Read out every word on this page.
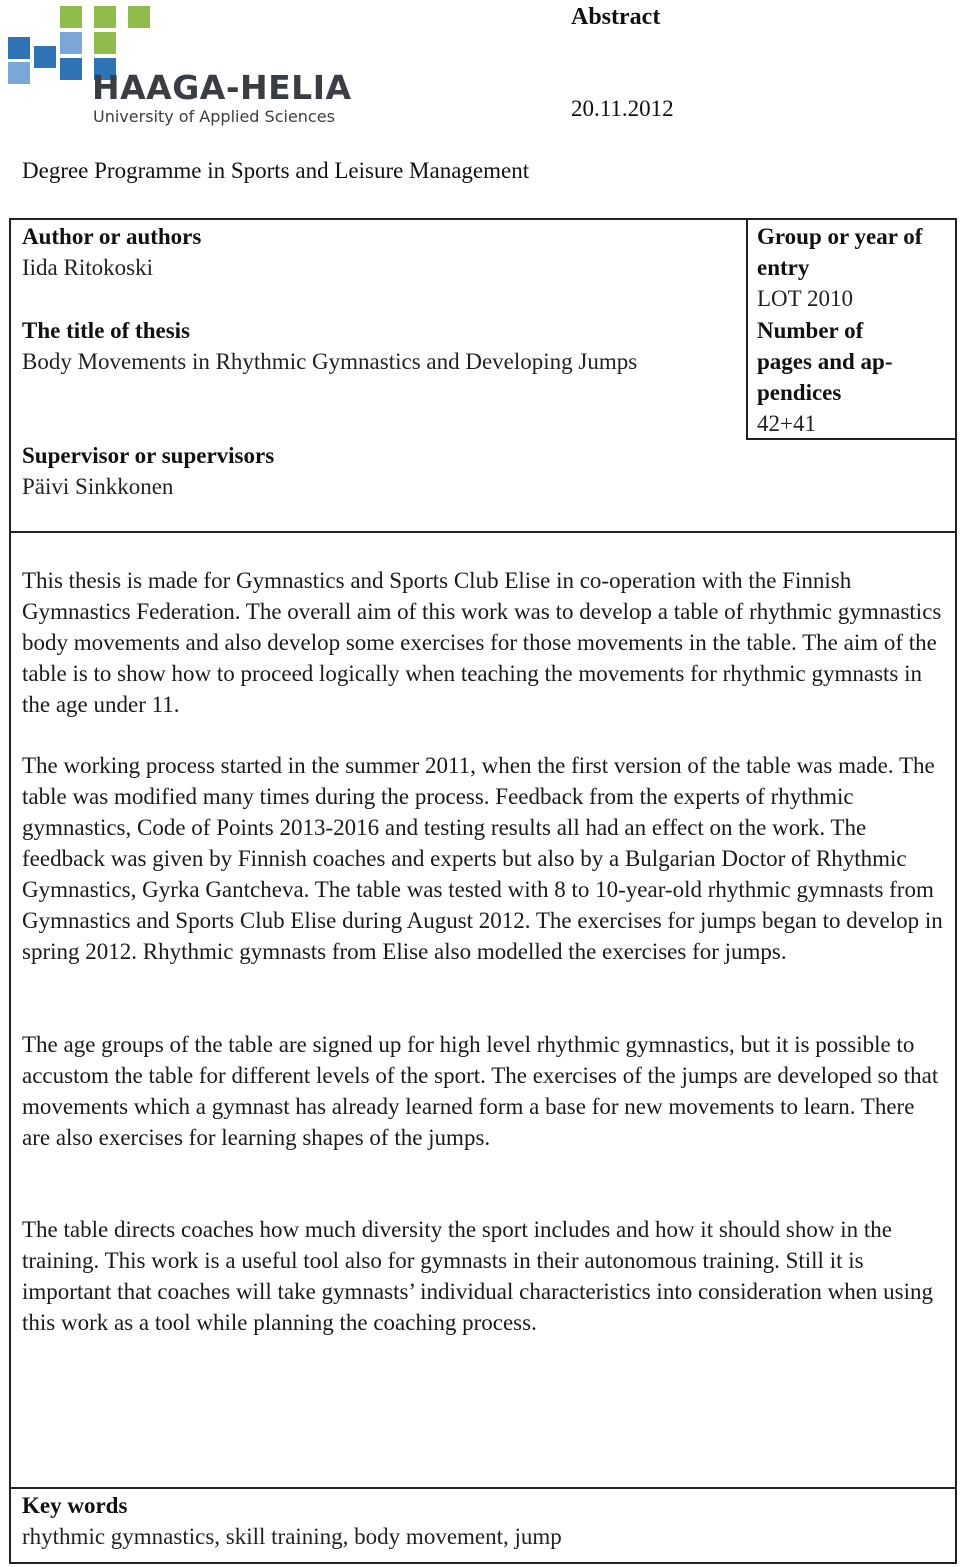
HAAGA-HELIA
University of Applied Sciences
Abstract
20.11.2012
Degree Programme in Sports and Leisure Management
Author or authors
Iida Ritokoski
The title of thesis
Body Movements in Rhythmic Gymnastics and Developing Jumps
Supervisor or supervisors
Päivi Sinkkonen
Group or year of
entry
LOT 2010
Number of
pages and ap-
pendices
42+41

This thesis is made for Gymnastics and Sports Club Elise in co-operation with the Finnish Gymnastics Federation. The overall aim of this work was to develop a table of rhythmic gymnastics body movements and also develop some exercises for those movements in the table. The aim of the table is to show how to proceed logically when teaching the movements for rhythmic gymnasts in the age under 11.

The working process started in the summer 2011, when the first version of the table was made. The table was modified many times during the process. Feedback from the experts of rhythmic gymnastics, Code of Points 2013-2016 and testing results all had an effect on the work. The feedback was given by Finnish coaches and experts but also by a Bulgarian Doctor of Rhythmic Gymnastics, Gyrka Gantcheva. The table was tested with 8 to 10-year-old rhythmic gymnasts from Gymnastics and Sports Club Elise during August 2012. The exercises for jumps began to develop in spring 2012. Rhythmic gymnasts from Elise also modelled the exercises for jumps.

The age groups of the table are signed up for high level rhythmic gymnastics, but it is possible to accustom the table for different levels of the sport. The exercises of the jumps are developed so that movements which a gymnast has already learned form a base for new movements to learn. There are also exercises for learning shapes of the jumps.

The table directs coaches how much diversity the sport includes and how it should show in the training. This work is a useful tool also for gymnasts in their autonomous training. Still it is important that coaches will take gymnasts’ individual characteristics into consideration when using this work as a tool while planning the coaching process.

Key words
rhythmic gymnastics, skill training, body movement, jump
